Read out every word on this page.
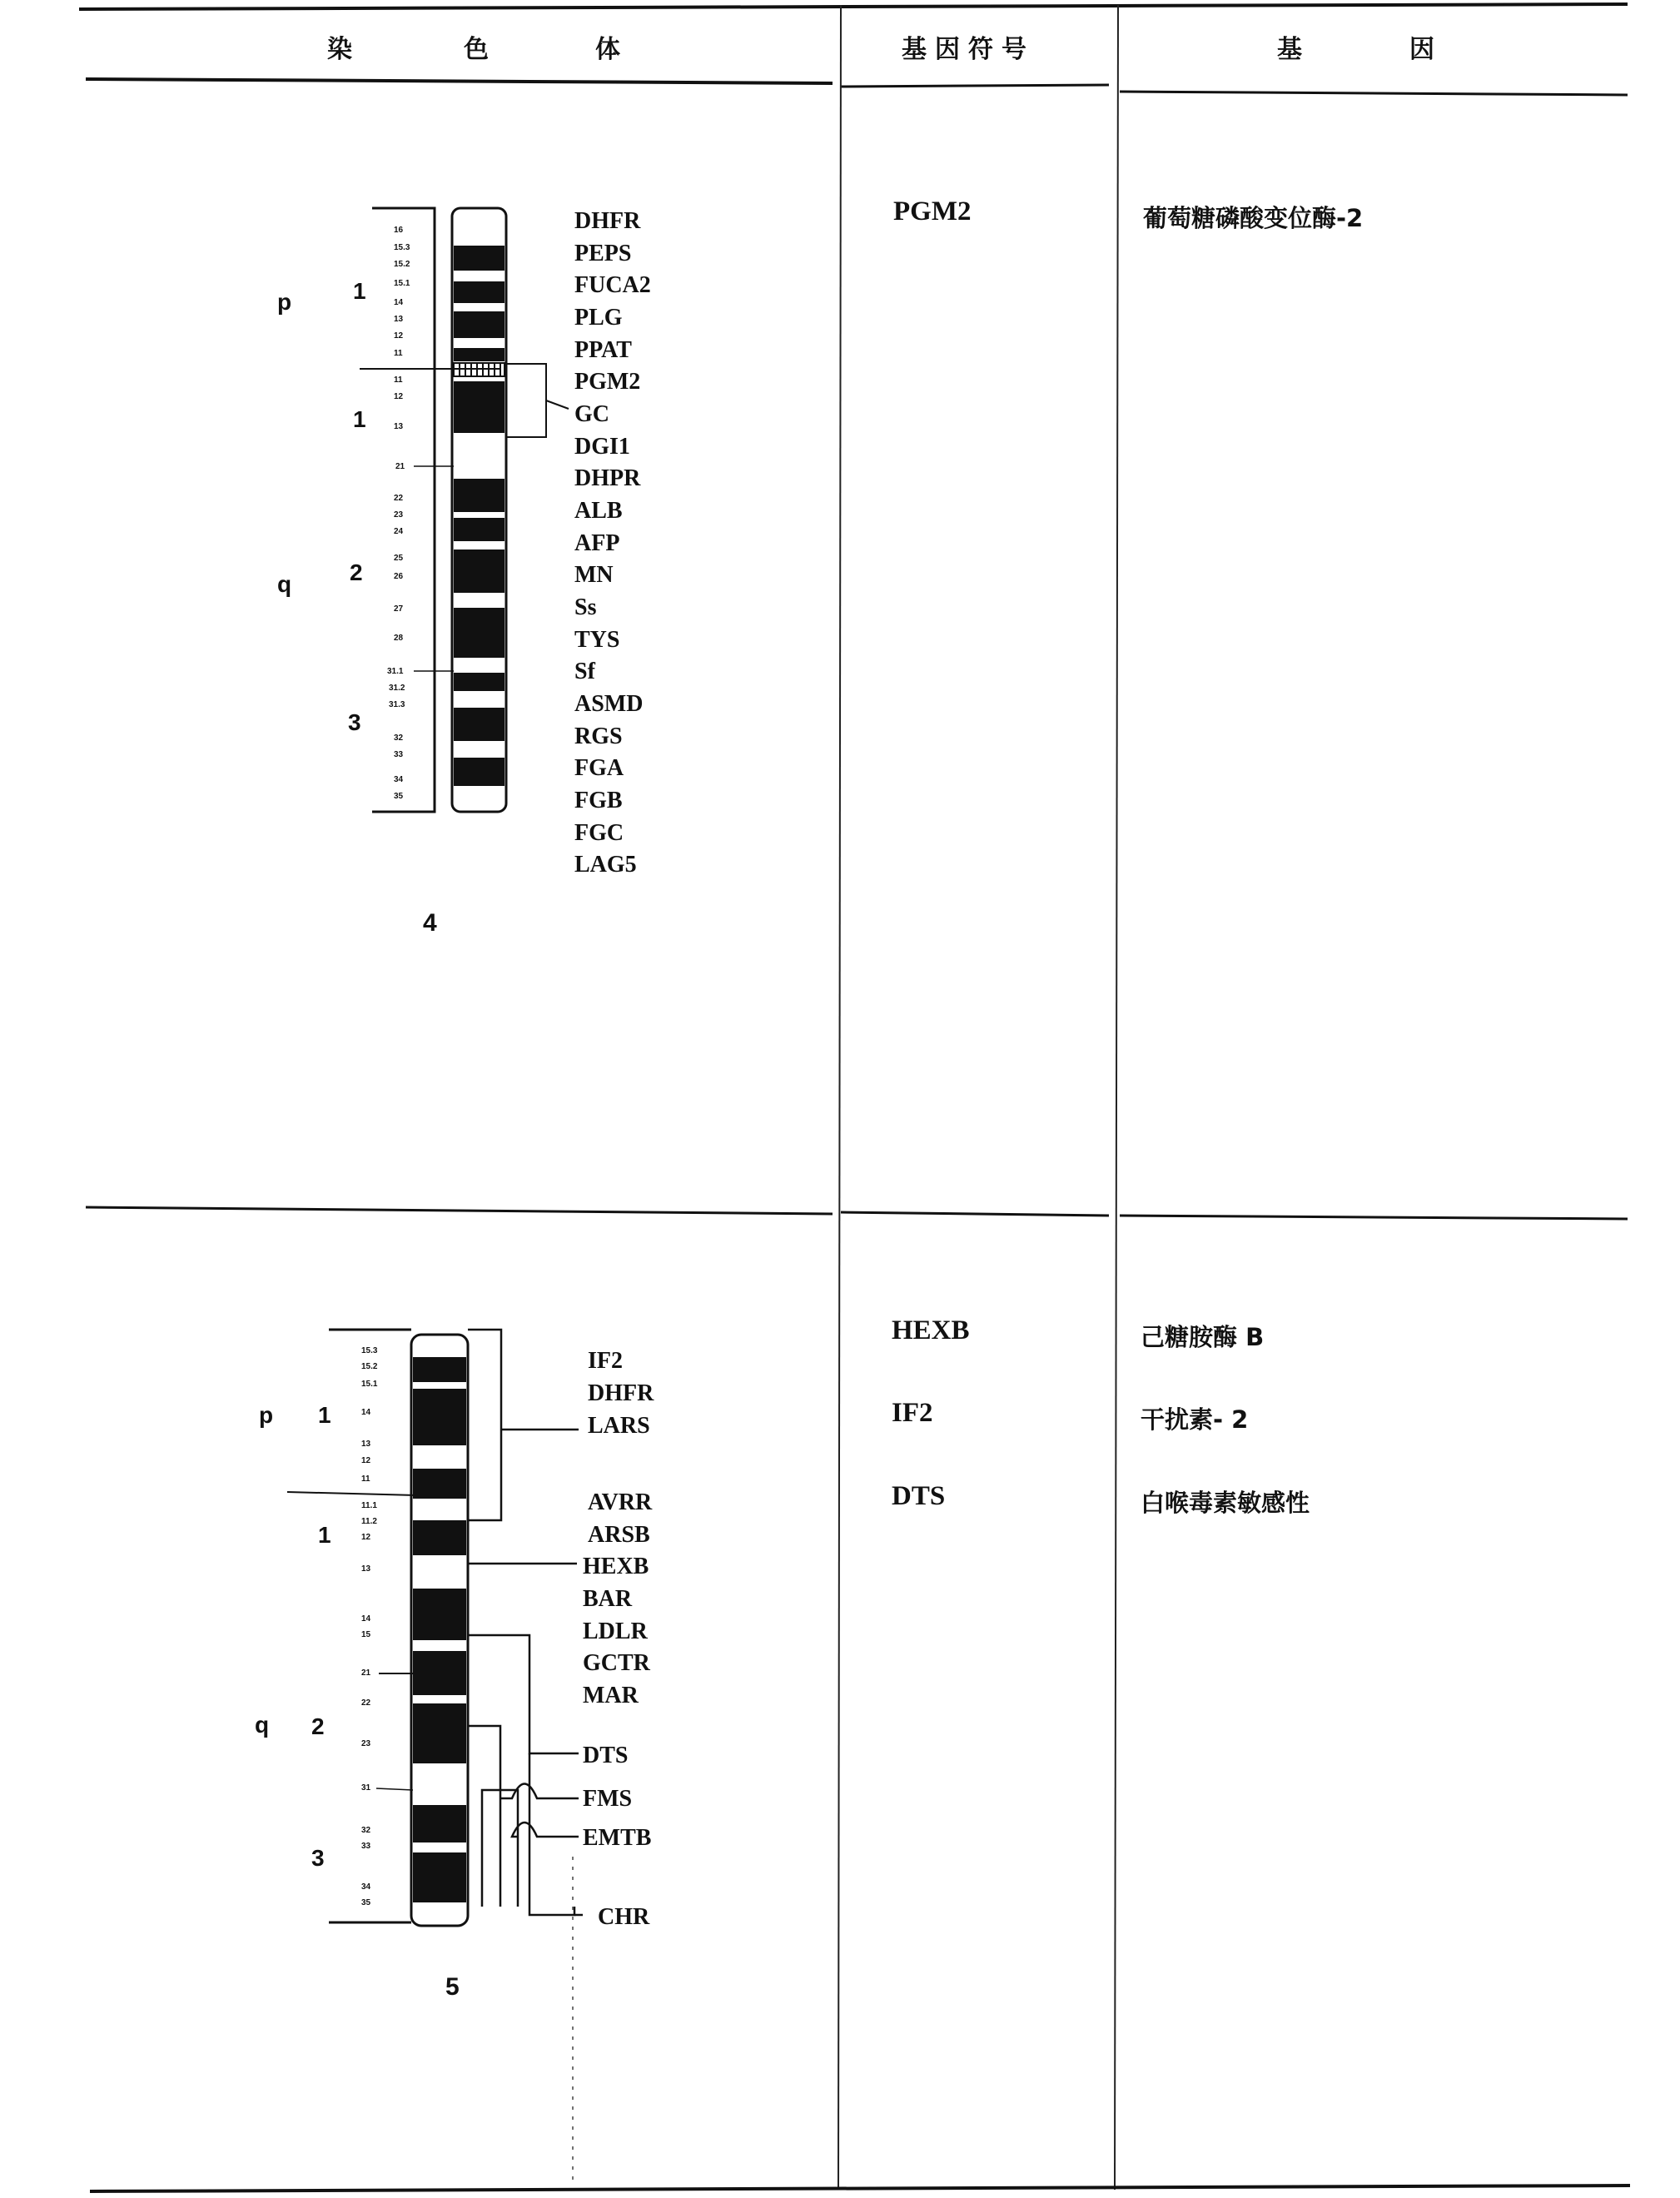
染	色	体	基因符号	基	因
p
q
1
1
2
3
16
15.3
15.2
15.1
14
13
12
11
11
12
13
21
22
23
24
25
26
27
28
31.1
31.2
31.3
32
33
34
35
DHFR
PEPS
FUCA2
PLG
PPAT
PGM2
GC
DGI1
DHPR
ALB
AFP
MN
Ss
TYS
Sf
ASMD
RGS
FGA
FGB
FGC
LAG5
4
PGM2	葡萄糖磷酸变位酶-2
p
q
1
1
2
3
15.3
15.2
15.1
14
13
12
11
11.1
11.2
12
13
14
15
21
22
23
31
32
33
34
35
IF2
DHFR
LARS
AVRR
ARSB
HEXB
BAR
LDLR
GCTR
MAR
DTS
FMS
EMTB
CHR
5
HEXB	己糖胺酶 B
IF2	干扰素- 2
DTS	白喉毒素敏感性
